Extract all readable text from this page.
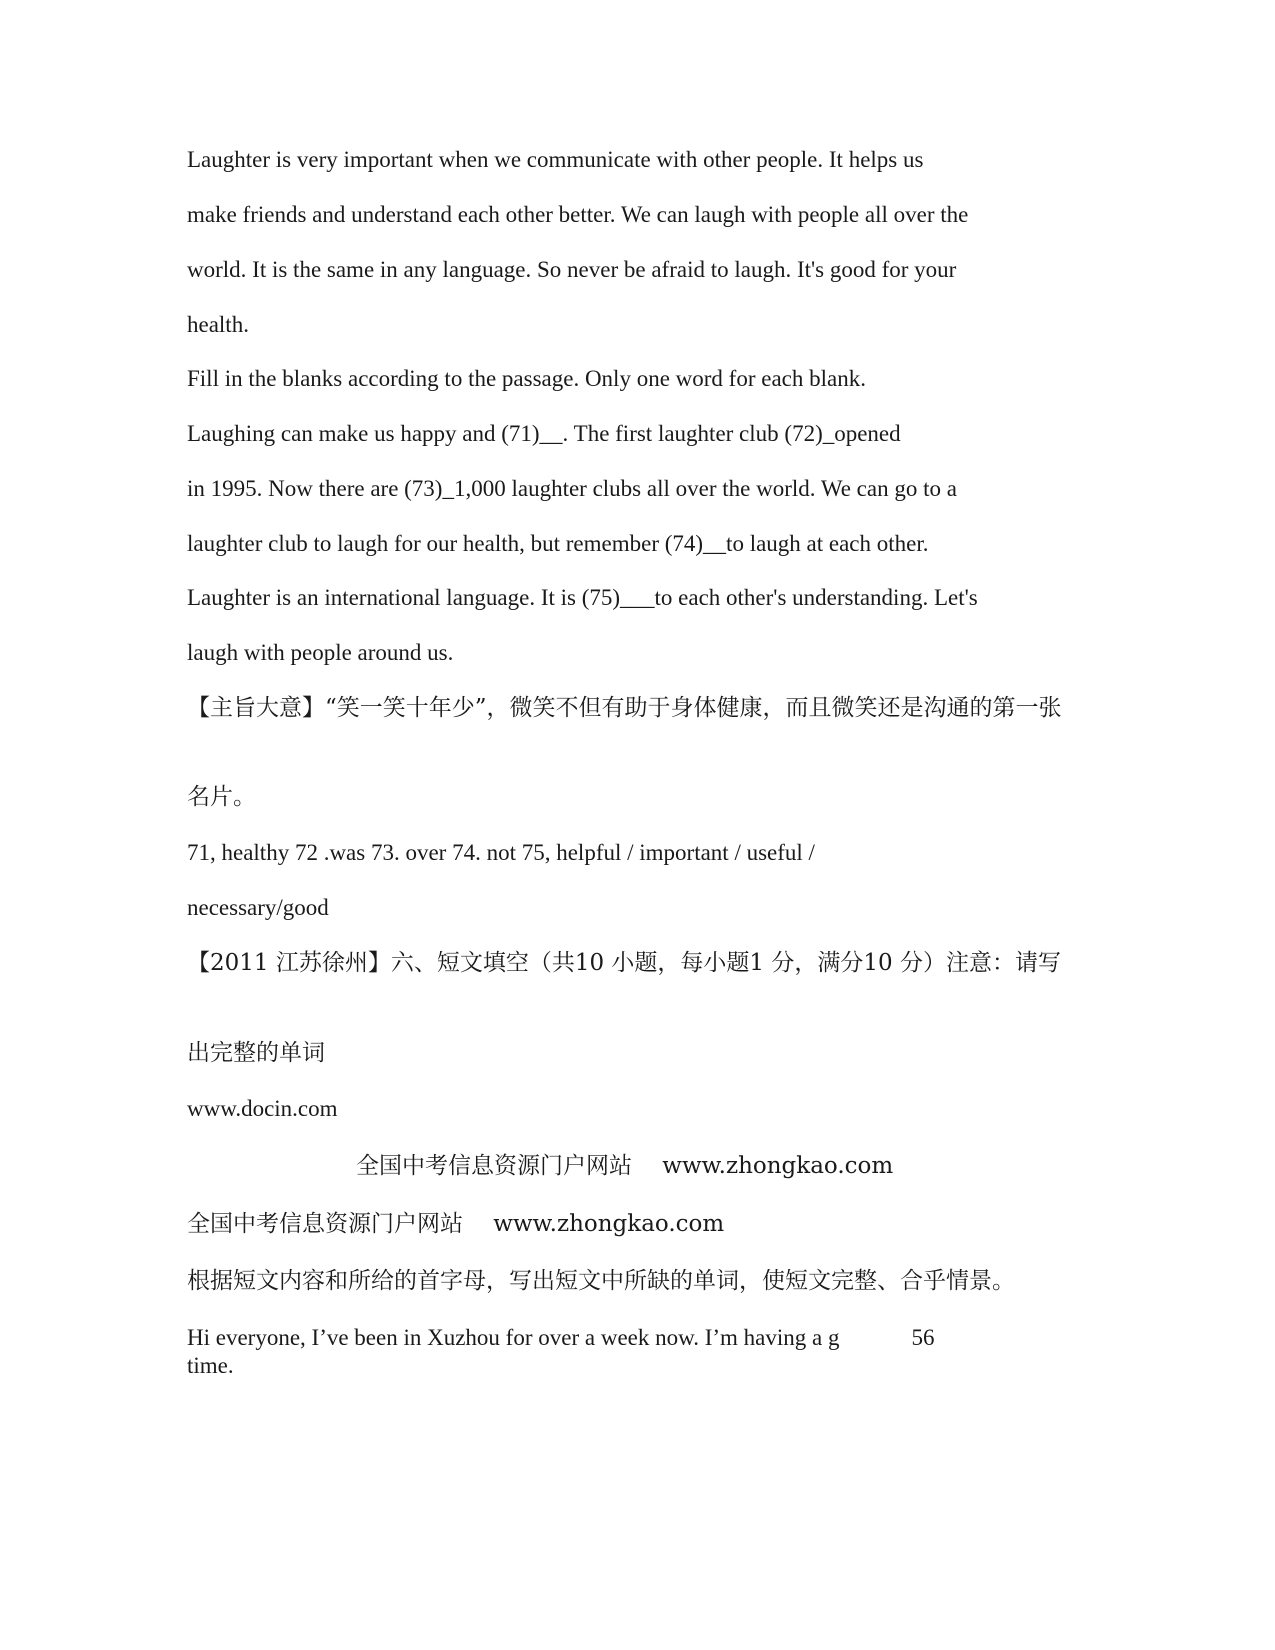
Laughter is very important when we communicate with other people. It helps us
make friends and understand each other better. We can laugh with people all over the
world. It is the same in any language. So never be afraid to laugh. It's good for your
health.
Fill in the blanks according to the passage. Only one word for each blank.
Laughing can make us happy and (71)__. The first laughter club (72)_opened
in 1995. Now there are (73)_1,000 laughter clubs all over the world. We can go to a
laughter club to laugh for our health, but remember (74)__to laugh at each other.
Laughter is an international language. It is (75)___to each other's understanding. Let's
laugh with people around us.
【主旨大意】“笑一笑十年少”，微笑不但有助于身体健康，而且微笑还是沟通的第一张
名片。
71, healthy 72 .was 73. over 74. not 75, helpful / important / useful /
necessary/good
【2011 江苏徐州】六、短文填空（共10 小题，每小题1 分，满分10 分）注意：请写
出完整的单词
www.docin.com
全国中考信息资源门户网站　 www.zhongkao.com
全国中考信息资源门户网站　 www.zhongkao.com
根据短文内容和所给的首字母，写出短文中所缺的单词，使短文完整、合乎情景。
Hi everyone, I’ve been in Xuzhou for over a week now. I’m having a g	56
time.
